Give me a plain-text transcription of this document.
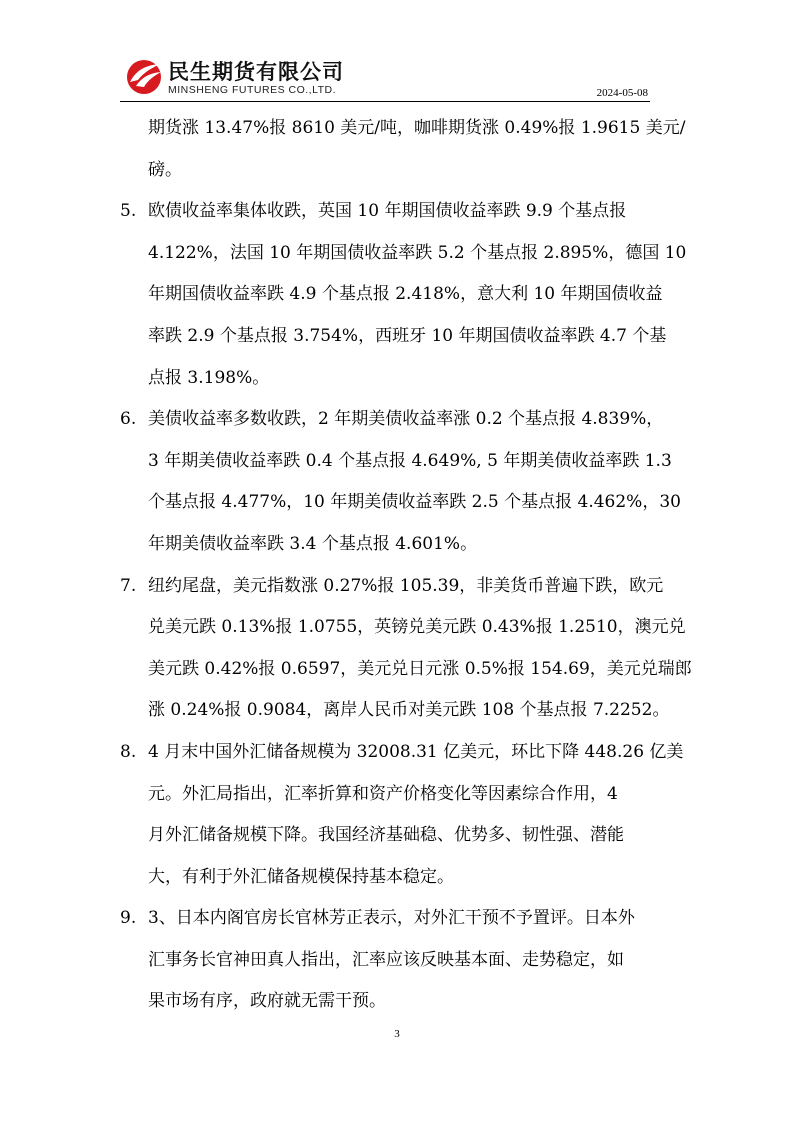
民生期货有限公司
MINSHENG FUTURES CO.,LTD.	2024-05-08
期货涨 13.47%报 8610 美元/吨，咖啡期货涨 0.49%报 1.9615 美元/
磅。
5. 欧债收益率集体收跌，英国 10 年期国债收益率跌 9.9 个基点报
4.122%，法国 10 年期国债收益率跌 5.2 个基点报 2.895%，德国 10
年期国债收益率跌 4.9 个基点报 2.418%，意大利 10 年期国债收益
率跌 2.9 个基点报 3.754%，西班牙 10 年期国债收益率跌 4.7 个基
点报 3.198%。
6. 美债收益率多数收跌，2 年期美债收益率涨 0.2 个基点报 4.839%，
3 年期美债收益率跌 0.4 个基点报 4.649%, 5 年期美债收益率跌 1.3
个基点报 4.477%，10 年期美债收益率跌 2.5 个基点报 4.462%，30
年期美债收益率跌 3.4 个基点报 4.601%。
7. 纽约尾盘，美元指数涨 0.27%报 105.39，非美货币普遍下跌，欧元
兑美元跌 0.13%报 1.0755，英镑兑美元跌 0.43%报 1.2510，澳元兑
美元跌 0.42%报 0.6597，美元兑日元涨 0.5%报 154.69，美元兑瑞郎
涨 0.24%报 0.9084，离岸人民币对美元跌 108 个基点报 7.2252。
8. 4 月末中国外汇储备规模为 32008.31 亿美元，环比下降 448.26 亿美
元。外汇局指出，汇率折算和资产价格变化等因素综合作用，4
月外汇储备规模下降。我国经济基础稳、优势多、韧性强、潜能
大，有利于外汇储备规模保持基本稳定。
9. 3、日本内阁官房长官林芳正表示，对外汇干预不予置评。日本外
汇事务长官神田真人指出，汇率应该反映基本面、走势稳定，如
果市场有序，政府就无需干预。
3
